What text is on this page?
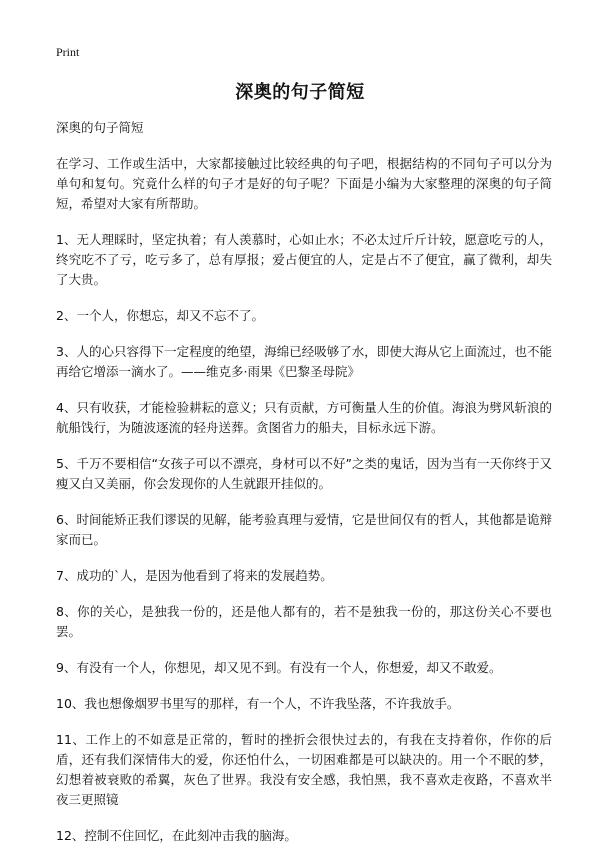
Print
深奥的句子简短

深奥的句子简短

在学习、工作或生活中，大家都接触过比较经典的句子吧，根据结构的不同句子可以分为单句和复句。究竟什么样的句子才是好的句子呢？下面是小编为大家整理的深奥的句子简短，希望对大家有所帮助。

1、无人理睬时，坚定执着；有人羡慕时，心如止水；不必太过斤斤计较，愿意吃亏的人，终究吃不了亏，吃亏多了，总有厚报；爱占便宜的人，定是占不了便宜，赢了微利，却失了大贵。

2、一个人，你想忘，却又不忘不了。

3、人的心只容得下一定程度的绝望，海绵已经吸够了水，即使大海从它上面流过，也不能再给它增添一滴水了。——维克多·雨果《巴黎圣母院》

4、只有收获，才能检验耕耘的意义；只有贡献，方可衡量人生的价值。海浪为劈风斩浪的航船饯行，为随波逐流的轻舟送葬。贪图省力的船夫，目标永远下游。

5、千万不要相信“女孩子可以不漂亮，身材可以不好”之类的鬼话，因为当有一天你终于又瘦又白又美丽，你会发现你的人生就跟开挂似的。

6、时间能矫正我们谬误的见解，能考验真理与爱情，它是世间仅有的哲人，其他都是诡辩家而已。

7、成功的`人，是因为他看到了将来的发展趋势。

8、你的关心，是独我一份的，还是他人都有的，若不是独我一份的，那这份关心不要也罢。

9、有没有一个人，你想见，却又见不到。有没有一个人，你想爱，却又不敢爱。

10、我也想像烟罗书里写的那样，有一个人，不许我坠落，不许我放手。

11、工作上的不如意是正常的，暂时的挫折会很快过去的，有我在支持着你，作你的后盾，还有我们深情伟大的爱，你还怕什么，一切困难都是可以缺决的。用一个不眠的梦，幻想着被衰败的希翼，灰色了世界。我没有安全感，我怕黑，我不喜欢走夜路，不喜欢半夜三更照镜

12、控制不住回忆，在此刻冲击我的脑海。
